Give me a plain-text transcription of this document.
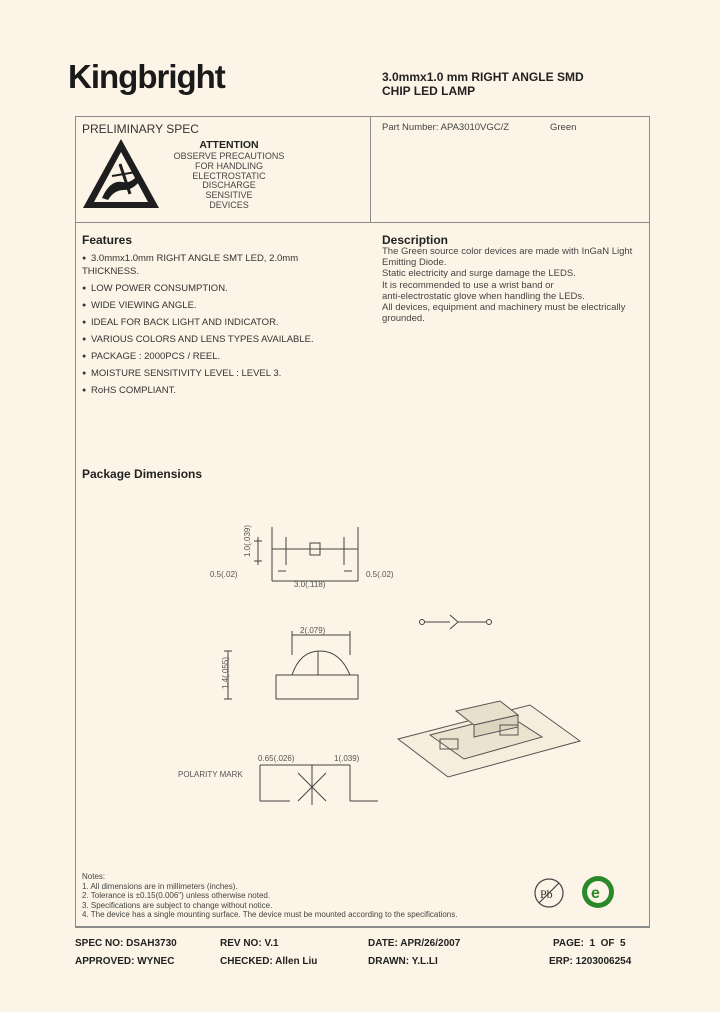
Kingbright	3.0mmx1.0 mm RIGHT ANGLE SMD
CHIP LED LAMP
PRELIMINARY SPEC
ATTENTION
OBSERVE PRECAUTIONS
FOR HANDLING
ELECTROSTATIC
DISCHARGE
SENSITIVE
DEVICES
Part Number: APA3010VGC/Z	Green
Features
● 3.0mmx1.0mm RIGHT ANGLE SMT LED, 2.0mm
THICKNESS.
● LOW POWER CONSUMPTION.
● WIDE VIEWING ANGLE.
● IDEAL FOR BACK LIGHT AND INDICATOR.
● VARIOUS COLORS AND LENS TYPES AVAILABLE.
● PACKAGE : 2000PCS / REEL.
● MOISTURE SENSITIVITY LEVEL : LEVEL 3.
● RoHS COMPLIANT.
Description
The Green source color devices are made with InGaN Light
Emitting Diode.
Static electricity and surge damage the LEDS.
It is recommended to use a wrist band or
anti-electrostatic glove when handling the LEDs.
All devices, equipment and machinery must be electrically
grounded.
Package Dimensions
1.0(.039)
0.5(.02)
3.0(.118)
0.5(.02)
2(.079)
1.4(.055)
0.65(.026)	1(.039)
POLARITY MARK
Notes:
1. All dimensions are in millimeters (inches).
2. Tolerance is ±0.15(0.006") unless otherwise noted.
3. Specifications are subject to change without notice.
4. The device has a single mounting surface. The device must be mounted according to the specifications.
Pb e
SPEC NO: DSAH3730	REV NO: V.1	DATE: APR/26/2007	PAGE:  1  OF  5
APPROVED: WYNEC	CHECKED: Allen Liu	DRAWN: Y.L.LI	ERP: 1203006254
